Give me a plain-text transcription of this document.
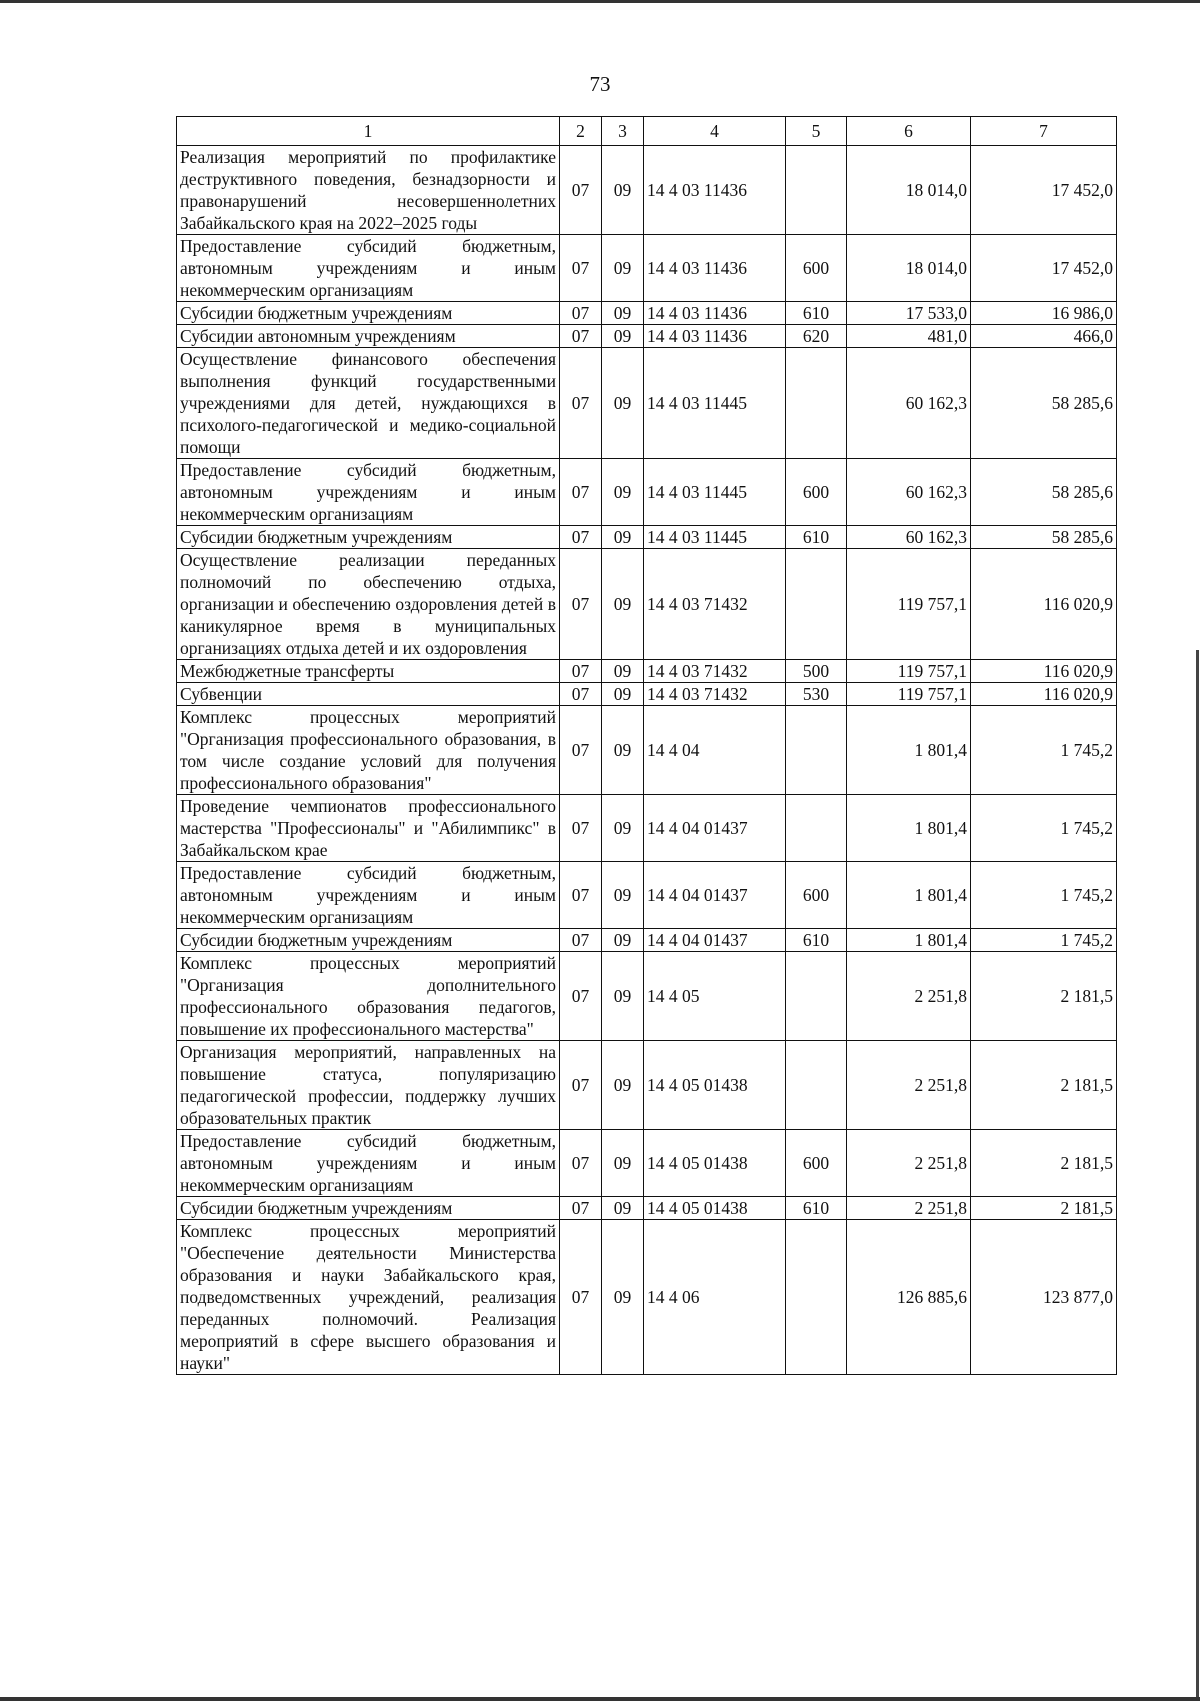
73
1	2	3	4	5	6	7
Реализация мероприятий по профилактике деструктивного поведения, безнадзорности и правонарушений несовершеннолетних Забайкальского края на 2022–2025 годы	07	09	14 4 03 11436		18 014,0	17 452,0
Предоставление субсидий бюджетным, автономным учреждениям и иным некоммерческим организациям	07	09	14 4 03 11436	600	18 014,0	17 452,0
Субсидии бюджетным учреждениям	07	09	14 4 03 11436	610	17 533,0	16 986,0
Субсидии автономным учреждениям	07	09	14 4 03 11436	620	481,0	466,0
Осуществление финансового обеспечения выполнения функций государственными учреждениями для детей, нуждающихся в психолого-педагогической и медико-социальной помощи	07	09	14 4 03 11445		60 162,3	58 285,6
Предоставление субсидий бюджетным, автономным учреждениям и иным некоммерческим организациям	07	09	14 4 03 11445	600	60 162,3	58 285,6
Субсидии бюджетным учреждениям	07	09	14 4 03 11445	610	60 162,3	58 285,6
Осуществление реализации переданных полномочий по обеспечению отдыха, организации и обеспечению оздоровления детей в каникулярное время в муниципальных организациях отдыха детей и их оздоровления	07	09	14 4 03 71432		119 757,1	116 020,9
Межбюджетные трансферты	07	09	14 4 03 71432	500	119 757,1	116 020,9
Субвенции	07	09	14 4 03 71432	530	119 757,1	116 020,9
Комплекс процессных мероприятий "Организация профессионального образования, в том числе создание условий для получения профессионального образования"	07	09	14 4 04		1 801,4	1 745,2
Проведение чемпионатов профессионального мастерства "Профессионалы" и "Абилимпикс" в Забайкальском крае	07	09	14 4 04 01437		1 801,4	1 745,2
Предоставление субсидий бюджетным, автономным учреждениям и иным некоммерческим организациям	07	09	14 4 04 01437	600	1 801,4	1 745,2
Субсидии бюджетным учреждениям	07	09	14 4 04 01437	610	1 801,4	1 745,2
Комплекс процессных мероприятий "Организация дополнительного профессионального образования педагогов, повышение их профессионального мастерства"	07	09	14 4 05		2 251,8	2 181,5
Организация мероприятий, направленных на повышение статуса, популяризацию педагогической профессии, поддержку лучших образовательных практик	07	09	14 4 05 01438		2 251,8	2 181,5
Предоставление субсидий бюджетным, автономным учреждениям и иным некоммерческим организациям	07	09	14 4 05 01438	600	2 251,8	2 181,5
Субсидии бюджетным учреждениям	07	09	14 4 05 01438	610	2 251,8	2 181,5
Комплекс процессных мероприятий "Обеспечение деятельности Министерства образования и науки Забайкальского края, подведомственных учреждений, реализация переданных полномочий. Реализация мероприятий в сфере высшего образования и науки"	07	09	14 4 06		126 885,6	123 877,0
